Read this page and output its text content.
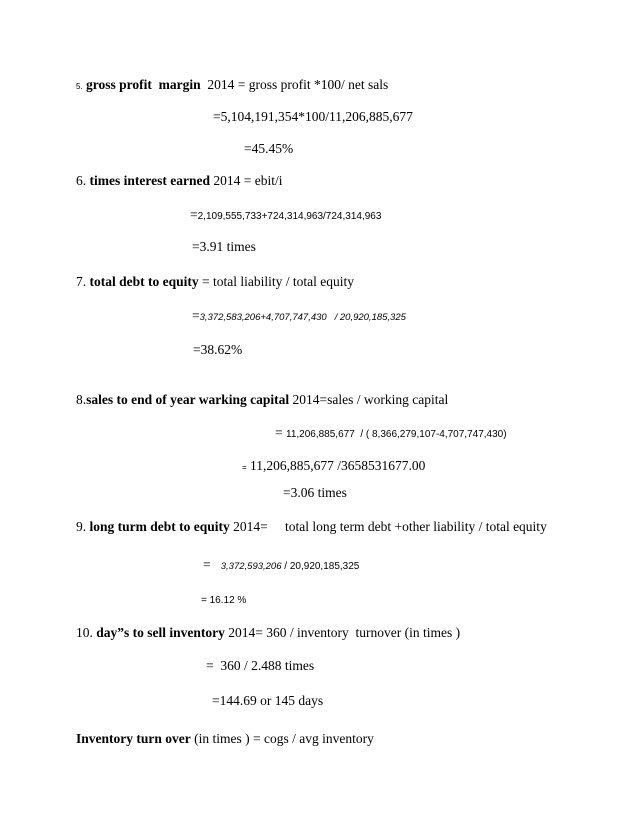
5. gross profit  margin 2014 = gross profit *100/ net sals
=5,104,191,354*100/11,206,885,677
=45.45%
6. times interest earned 2014 = ebit/i
=2,109,555,733+724,314,963/724,314,963
=3.91 times
7. total debt to equity = total liability / total equity
=3,372,583,206+4,707,747,430   / 20,920,185,325
=38.62%
8.sales to end of year warking capital 2014=sales / working capital
= 11,206,885,677  / ( 8,366,279,107-4,707,747,430)
= 11,206,885,677 /3658531677.00
=3.06 times
9. long turm debt to equity 2014= total long term debt +other liability / total equity
= 3,372,593,206 / 20,920,185,325
= 16.12 %
10. day”s to sell inventory 2014= 360 / inventory  turnover (in times )
=  360 / 2.488 times
=144.69 or 145 days
Inventory turn over (in times ) = cogs / avg inventory
